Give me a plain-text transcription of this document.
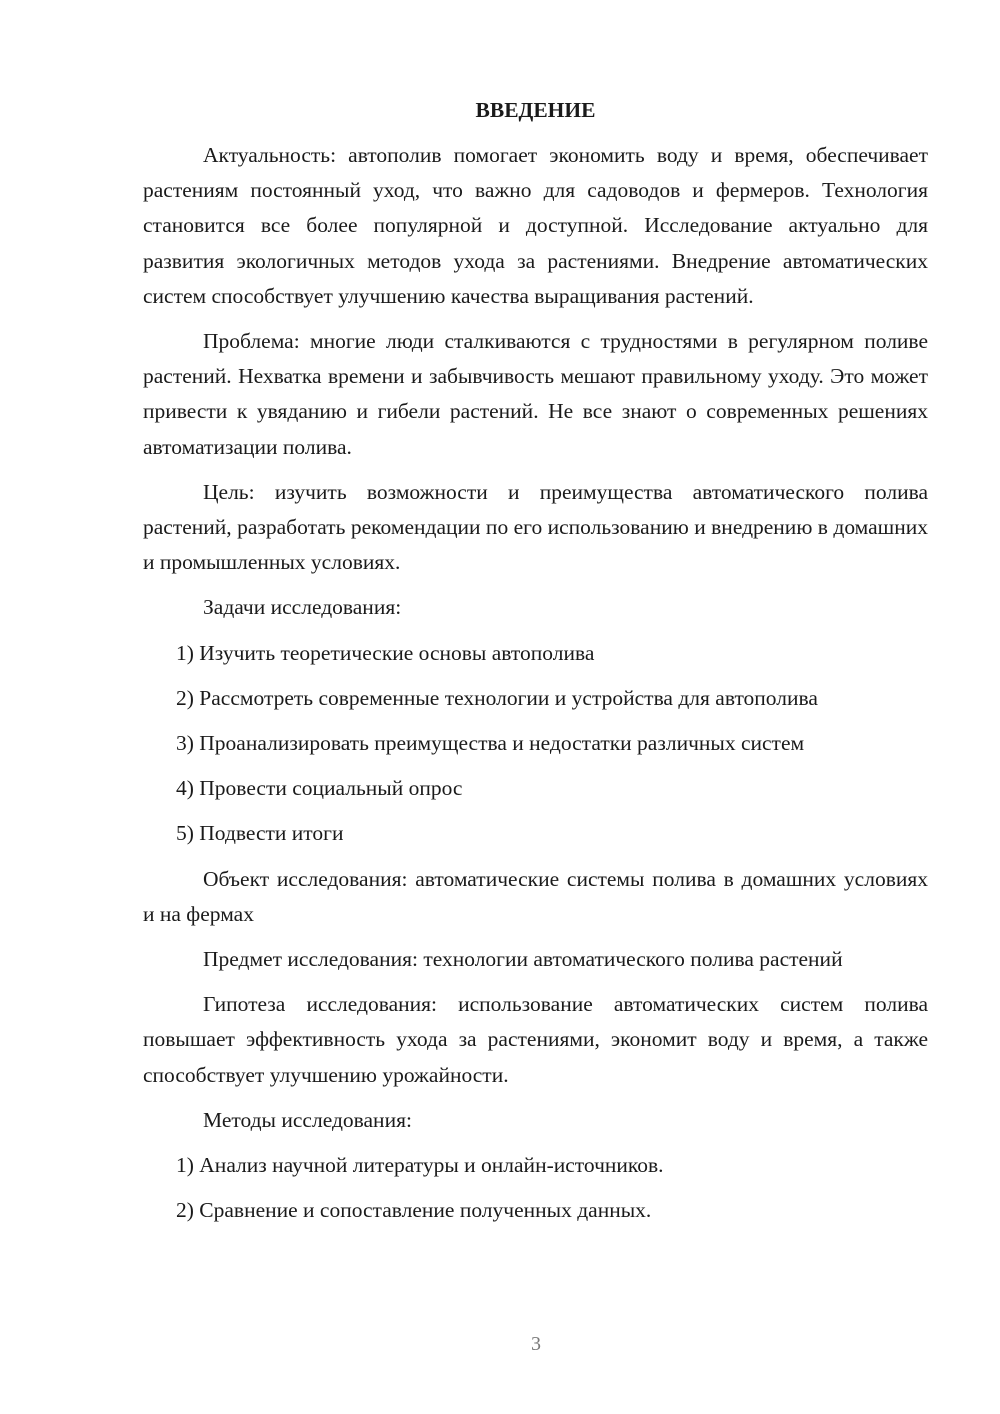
ВВЕДЕНИЕ

Актуальность: автополив помогает экономить воду и время, обеспечивает растениям постоянный уход, что важно для садоводов и фермеров. Технология становится все более популярной и доступной. Исследование актуально для развития экологичных методов ухода за растениями. Внедрение автоматических систем способствует улучшению качества выращивания растений.

Проблема: многие люди сталкиваются с трудностями в регулярном поливе растений. Нехватка времени и забывчивость мешают правильному уходу. Это может привести к увяданию и гибели растений. Не все знают о современных решениях автоматизации полива.

Цель: изучить возможности и преимущества автоматического полива растений, разработать рекомендации по его использованию и внедрению в домашних и промышленных условиях.

Задачи исследования:

1) Изучить теоретические основы автополива
2) Рассмотреть современные технологии и устройства для автополива
3) Проанализировать преимущества и недостатки различных систем
4) Провести социальный опрос
5) Подвести итоги

Объект исследования: автоматические системы полива в домашних условиях и на фермах

Предмет исследования: технологии автоматического полива растений

Гипотеза исследования: использование автоматических систем полива повышает эффективность ухода за растениями, экономит воду и время, а также способствует улучшению урожайности.

Методы исследования:

1) Анализ научной литературы и онлайн-источников.
2) Сравнение и сопоставление полученных данных.
3
